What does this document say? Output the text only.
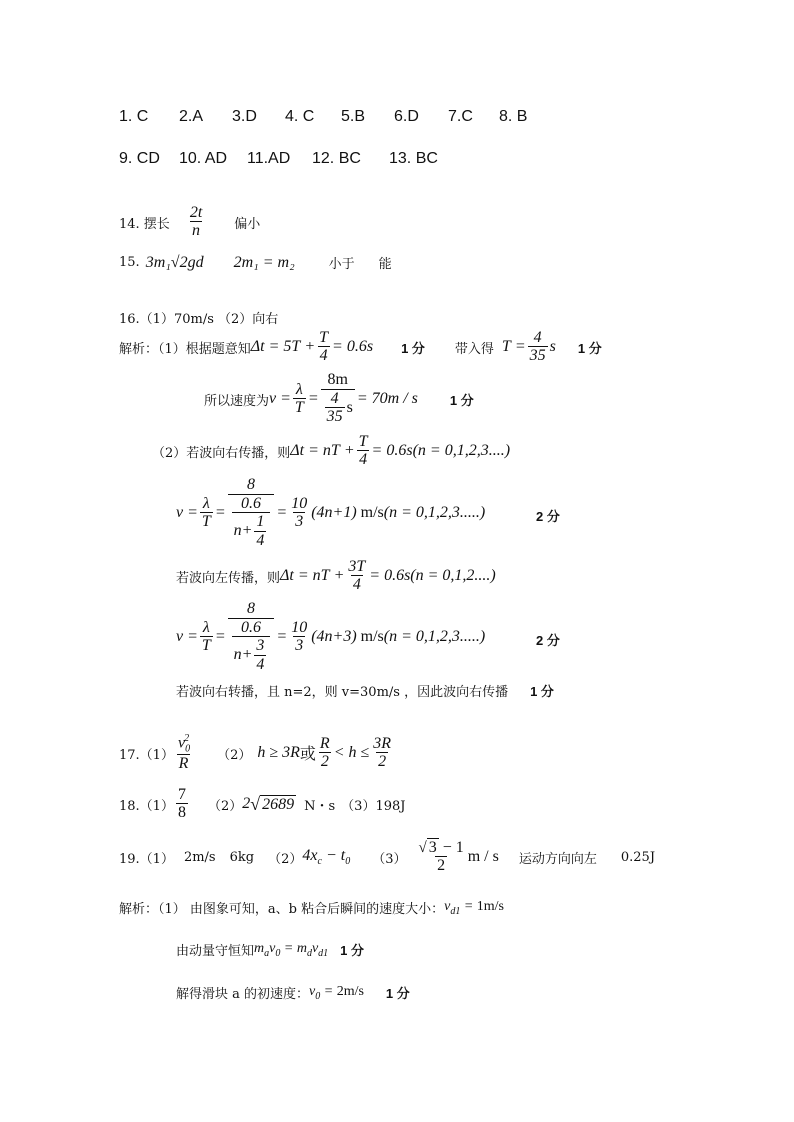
1. C 2.A 3.D 4. C 5.B 6.D 7.C 8. B
9. CD 10. AD 11.AD 12. BC 13. BC
14. 摆长 $\frac{2t}{n}$ 偏小
15. 3m₁√2gd 2m₁ = m₂	小于 能
16.（1）70m/s （2）向右
解析：（1）根据题意知 Δ t = 5 $T + \frac{T}{4} = 0.6$ s 1 分 带入得 $T = \frac{4}{35}$ s 1 分
所以速度为 $v = \frac{\lambda}{T} = \frac{8m}{\frac{4}{35} s} = 70$ m / s 1 分
（2）若波向右传播，则 Δ t = nT + $\frac{T}{4} = 0.6$ s ( n = 0,1,2,3....)
$v = \frac{\lambda}{T} = \frac{8}{\frac{0.6}{n + \frac{1}{4}}} = \frac{10}{3} (4$ n +1) m/s ( n = 0,1,2,3.....)	2 分
若波向左传播，则 Δ t = nT + $\frac{3T}{4} = 0.6$ s ( n = 0,1,2....)
$v = \frac{\lambda}{T} = \frac{8}{\frac{0.6}{n + \frac{3}{4}}} = \frac{10}{3} (4$ n +3) m/s ( n = 0,1,2,3.....)	2 分
若波向右转播，且 n=2，则 v=30m/s ，因此波向右传播 1 分
$17.(1) \frac{v_0^2}{R} (2) h \ge 3$ R 或 $\frac{R}{2} < h \le \frac{3R}{2}$
$18.(1) \frac{7}{8} (2)$ 2 √ 2689 N・s （3）198J
19.（1） 2m/s 6kg （2） $4x_c - t_0$ $(3) \frac{√ 3 - 1}{2}$ m / s 运动方向向左 0.25J
解析：（1） 由图象可知，a、b 粘合后瞬间的速度大小： $v_{d1} = 1m/s$
由动量守恒知 $m_av_0 = m_dv_{d1}$ 1 分
解得滑块 a 的初速度： $v_0 = 2m/s$ 1 分
